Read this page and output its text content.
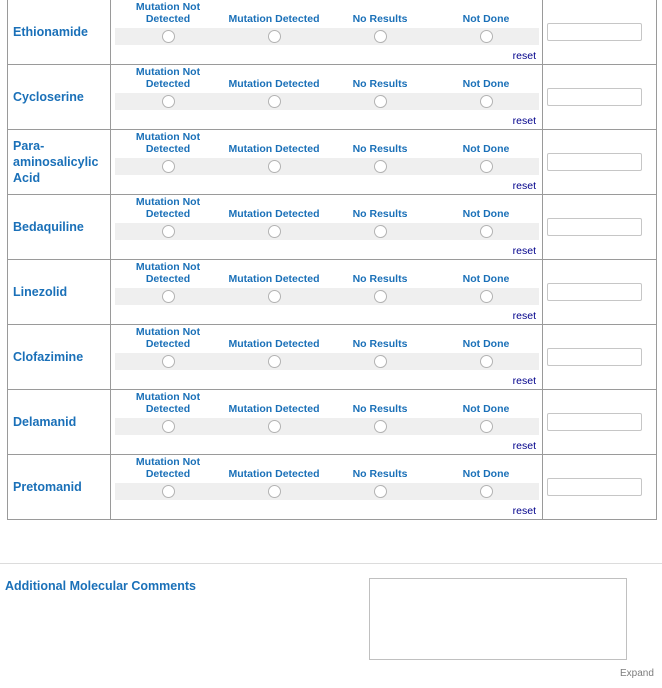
Ethionamide
Mutation Not Detected	Mutation Detected	No Results	Not Done
reset
Cycloserine
Mutation Not Detected	Mutation Detected	No Results	Not Done
reset
Para-aminosalicylic Acid
Mutation Not Detected	Mutation Detected	No Results	Not Done
reset
Bedaquiline
Mutation Not Detected	Mutation Detected	No Results	Not Done
reset
Linezolid
Mutation Not Detected	Mutation Detected	No Results	Not Done
reset
Clofazimine
Mutation Not Detected	Mutation Detected	No Results	Not Done
reset
Delamanid
Mutation Not Detected	Mutation Detected	No Results	Not Done
reset
Pretomanid
Mutation Not Detected	Mutation Detected	No Results	Not Done
reset
Additional Molecular Comments
Expand
